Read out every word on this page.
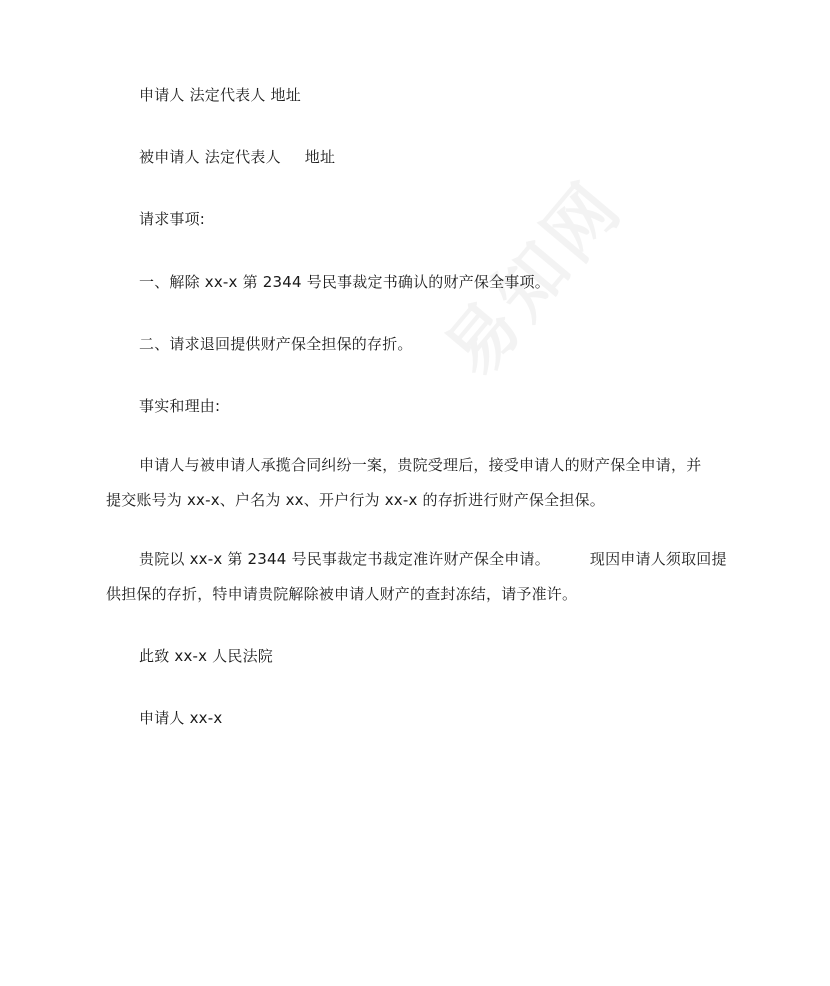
易知网
申请人 法定代表人 地址
被申请人 法定代表人 地址
请求事项:
一、解除 xx-x 第 2344 号民事裁定书确认的财产保全事项。
二、请求退回提供财产保全担保的存折。
事实和理由:
申请人与被申请人承揽合同纠纷一案，贵院受理后，接受申请人的财产保全申请，并
提交账号为 xx-x、户名为 xx、开户行为 xx-x 的存折进行财产保全担保。
贵院以 xx-x 第 2344 号民事裁定书裁定准许财产保全申请。	现因申请人须取回提
供担保的存折，特申请贵院解除被申请人财产的查封冻结，请予准许。
此致 xx-x 人民法院
申请人 xx-x
